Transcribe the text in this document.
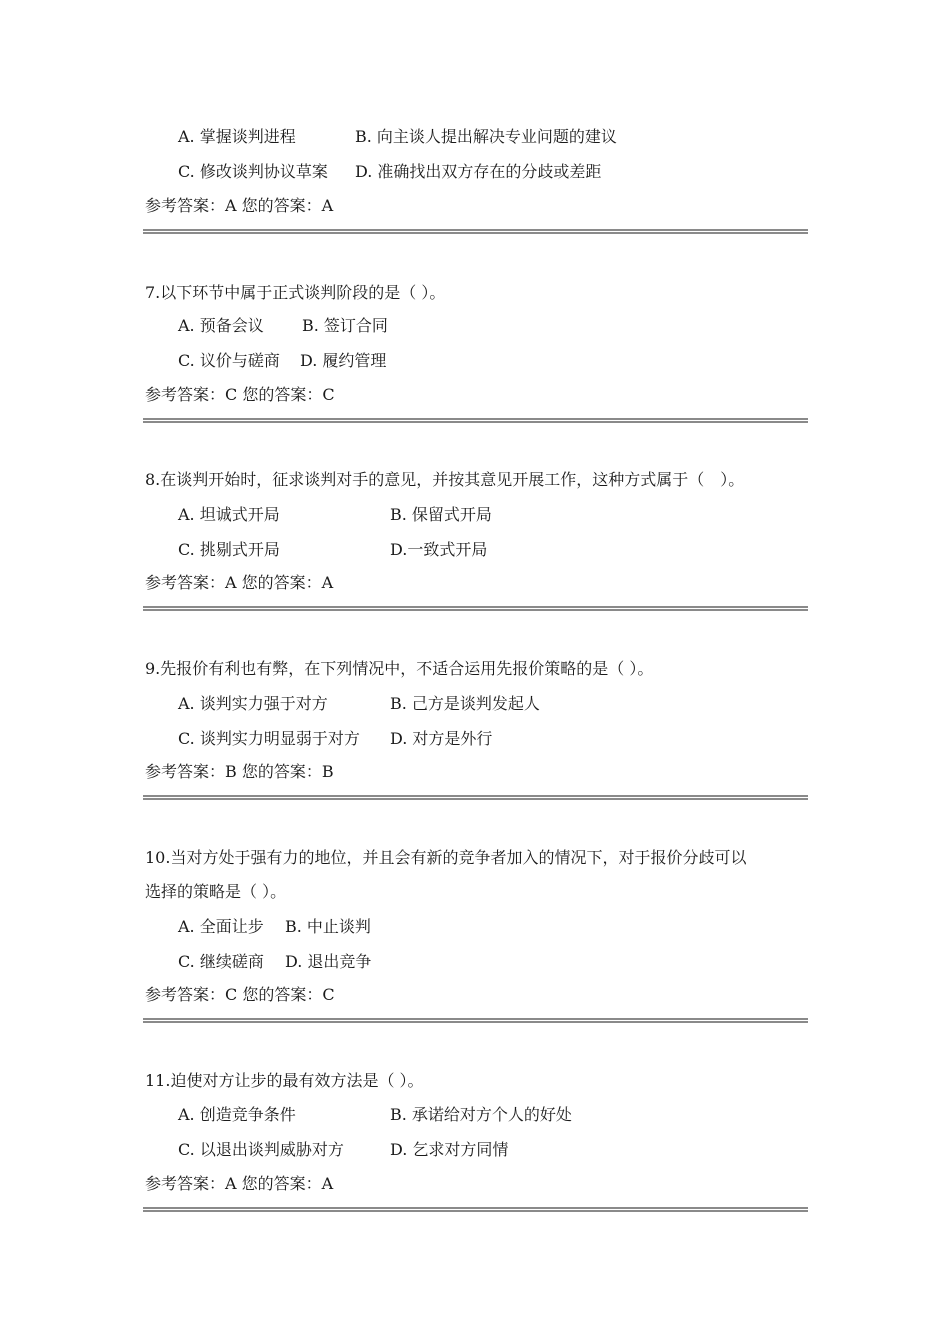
A. 掌握谈判进程	B. 向主谈人提出解决专业问题的建议
C. 修改谈判协议草案 D. 准确找出双方存在的分歧或差距
参考答案：A 您的答案：A
7.以下环节中属于正式谈判阶段的是（ ）。
A. 预备会议 B. 签订合同
C. 议价与磋商 D. 履约管理
参考答案：C 您的答案：C
8.在谈判开始时，征求谈判对手的意见，并按其意见开展工作，这种方式属于（　）。
A. 坦诚式开局	B. 保留式开局
C. 挑剔式开局	D.一致式开局
参考答案：A 您的答案：A
9.先报价有利也有弊，在下列情况中，不适合运用先报价策略的是（ ）。
A. 谈判实力强于对方	B. 己方是谈判发起人
C. 谈判实力明显弱于对方 D. 对方是外行
参考答案：B 您的答案：B
10.当对方处于强有力的地位，并且会有新的竞争者加入的情况下，对于报价分歧可以
选择的策略是（ ）。
A. 全面让步 B. 中止谈判
C. 继续磋商 D. 退出竞争
参考答案：C 您的答案：C
11.迫使对方让步的最有效方法是（ ）。
A. 创造竞争条件	B. 承诺给对方个人的好处
C. 以退出谈判威胁对方	D. 乞求对方同情
参考答案：A 您的答案：A
